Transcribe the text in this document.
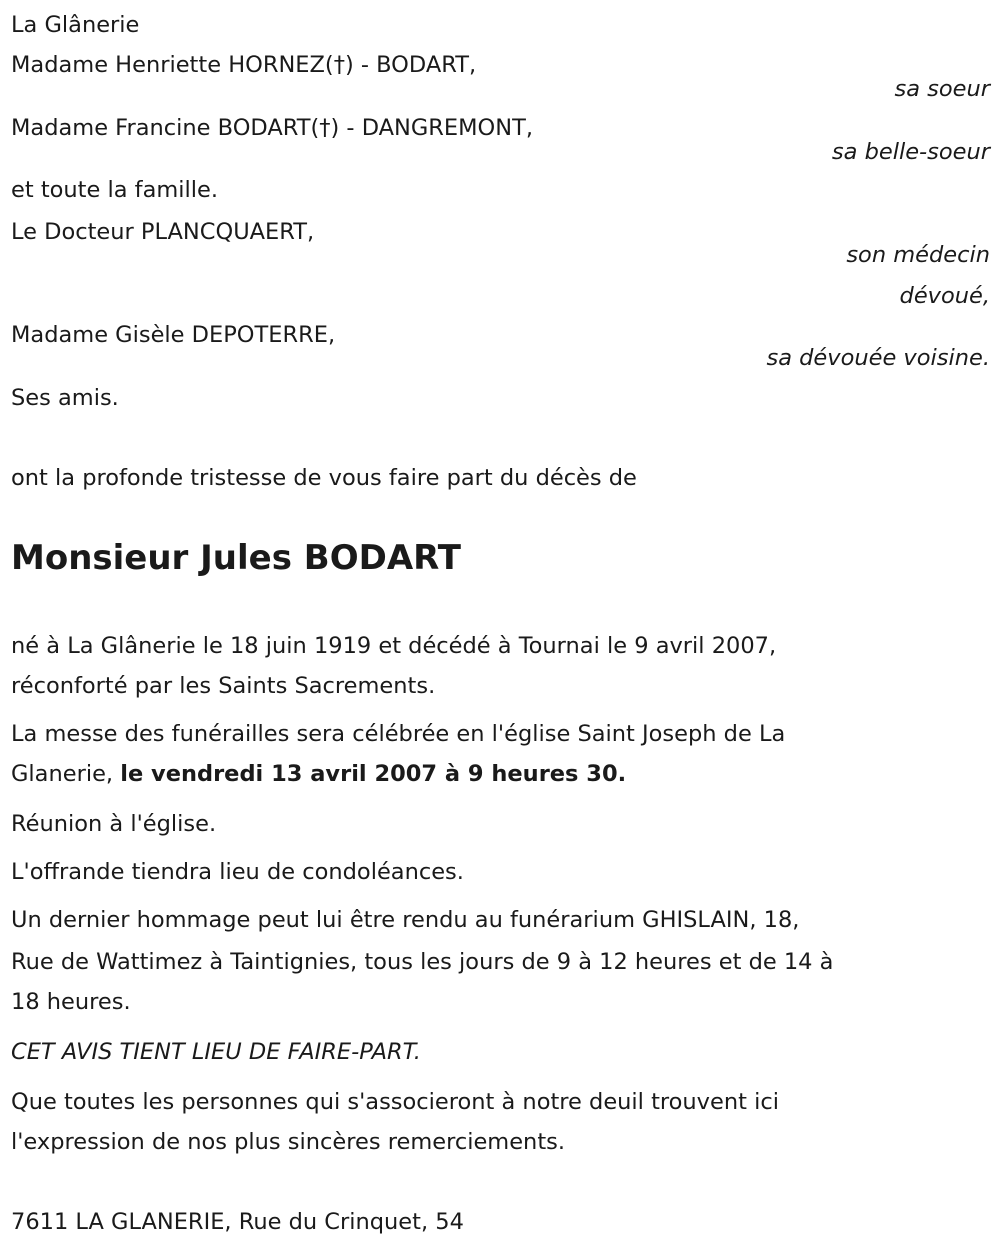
La Glânerie
Madame Henriette HORNEZ(†) - BODART,
sa soeur
Madame Francine BODART(†) - DANGREMONT,
sa belle-soeur
et toute la famille.
Le Docteur PLANCQUAERT,
son médecin
dévoué,
Madame Gisèle DEPOTERRE,
sa dévouée voisine.
Ses amis.
ont la profonde tristesse de vous faire part du décès de
Monsieur Jules BODART
né à La Glânerie le 18 juin 1919 et décédé à Tournai le 9 avril 2007,
réconforté par les Saints Sacrements.
La messe des funérailles sera célébrée en l'église Saint Joseph de La
Glanerie, le vendredi 13 avril 2007 à 9 heures 30.
Réunion à l'église.
L'offrande tiendra lieu de condoléances.
Un dernier hommage peut lui être rendu au funérarium GHISLAIN, 18,
Rue de Wattimez à Taintignies, tous les jours de 9 à 12 heures et de 14 à
18 heures.
CET AVIS TIENT LIEU DE FAIRE-PART.
Que toutes les personnes qui s'associeront à notre deuil trouvent ici
l'expression de nos plus sincères remerciements.
7611 LA GLANERIE, Rue du Crinquet, 54
